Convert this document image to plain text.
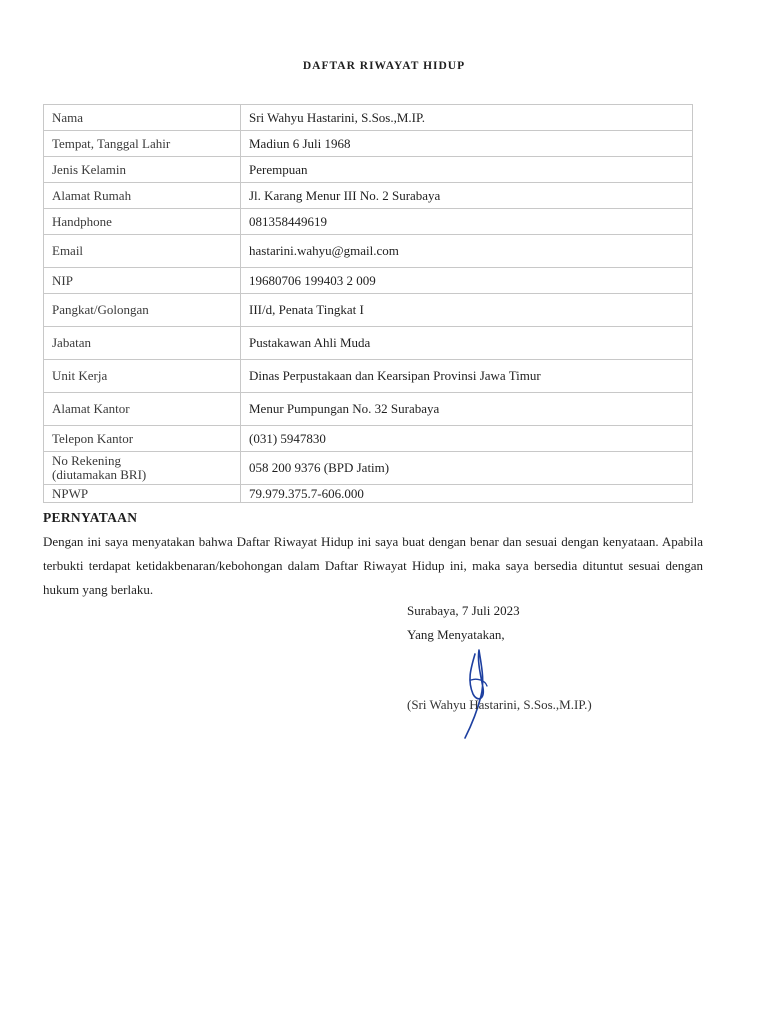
DAFTAR RIWAYAT HIDUP
Nama	Sri Wahyu Hastarini, S.Sos.,M.IP.
Tempat, Tanggal Lahir	Madiun 6 Juli 1968
Jenis Kelamin	Perempuan
Alamat Rumah	Jl. Karang Menur III No. 2 Surabaya
Handphone	081358449619
Email	hastarini.wahyu@gmail.com
NIP	19680706 199403 2 009
Pangkat/Golongan	III/d, Penata Tingkat I
Jabatan	Pustakawan Ahli Muda
Unit Kerja	Dinas Perpustakaan dan Kearsipan Provinsi Jawa Timur
Alamat Kantor	Menur Pumpungan No. 32 Surabaya
Telepon Kantor	(031) 5947830

No Rekening
(diutamakan BRI)	058 200 9376 (BPD Jatim)
NPWP	79.979.375.7-606.000
PERNYATAAN
Dengan ini saya menyatakan bahwa Daftar Riwayat Hidup ini saya buat dengan benar dan sesuai dengan kenyataan. Apabila terbukti terdapat ketidakbenaran/kebohongan dalam Daftar Riwayat Hidup ini, maka saya bersedia dituntut sesuai dengan hukum yang berlaku.
Surabaya, 7 Juli 2023
Yang Menyatakan,
(Sri Wahyu Hastarini, S.Sos.,M.IP.)
